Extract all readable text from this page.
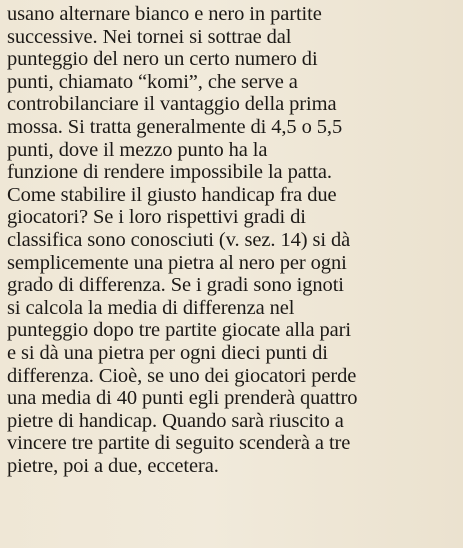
usano alternare bianco e nero in partite
successive. Nei tornei si sottrae dal
punteggio del nero un certo numero di
punti, chiamato “komi”, che serve a
controbilanciare il vantaggio della prima
mossa. Si tratta generalmente di 4,5 o 5,5
punti, dove il mezzo punto ha la
funzione di rendere impossibile la patta.
Come stabilire il giusto handicap fra due
giocatori? Se i loro rispettivi gradi di
classifica sono conosciuti (v. sez. 14) si dà
semplicemente una pietra al nero per ogni
grado di differenza. Se i gradi sono ignoti
si calcola la media di differenza nel
punteggio dopo tre partite giocate alla pari
e si dà una pietra per ogni dieci punti di
differenza. Cioè, se uno dei giocatori perde
una media di 40 punti egli prenderà quattro
pietre di handicap. Quando sarà riuscito a
vincere tre partite di seguito scenderà a tre
pietre, poi a due, eccetera.
